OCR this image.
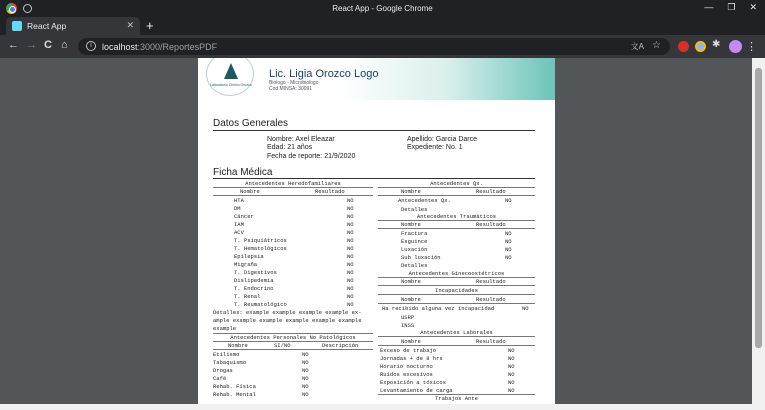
React App - Google Chrome	— ❐ ✕
React App	✕ +
← → C ⌂	i	localhost:3000/ReportesPDF	文A ☆	✱ ⋮
Laboratorio Clínico Orozco
Lic. Ligia Orozco Logo
Biologo - Microbiologo
Cod MINSA: 30991
Datos Generales
Nombre: Axel Eleazar
Edad: 21 años
Fecha de reporte: 21/9/2020
Apellido: Garcia Darce
Expediente: No. 1
Ficha Médica
Antecedentes Heredofamiliares
Nombre	Resultado
HTA	NO
DM	NO
Cáncer	NO
IAM	NO
ACV	NO
T. Psiquiátricos	NO
T. Hematológicos	NO
Epilepsia	NO
Migraña	NO
T. Digestivos	NO
Dislipedemia	NO
T. Endocrino	NO
T. Renal	NO
T. Reumatológico	NO
Detalles: example example example example ex-
ample example example example example example
example
Antecedentes Personales No Patológicos
Nombre	SI/NO	Descripción
Etilismo	NO
Tabaquismo	NO
Drogas	NO
Café	NO
Rehab. Física	NO
Rehab. Mental	NO
Antecedentes Qx.
Nombre	Resultado
Antecedentes Qx.	NO
Detalles
Antecedentes Traumáticos
Nombre	Resultado
Fractura	NO
Esguince	NO
Luxación	NO
Sub luxación	NO
Detalles
Antecedentes Ginecoostétricos
Nombre	Resultado
Incapacidades
Nombre	Resultado
Ha recibido alguna vez incapacidad	NO
USRP
INSS
Antecedentes Laborales
Nombre	Resultado
Exceso de trabajo	NO
Jornadas + de 8 hrs	NO
Horario nocturno	NO
Ruidos excesivos	NO
Exposición a tóxicos	NO
Levantamiento de carga	NO
Trabajos Ante
